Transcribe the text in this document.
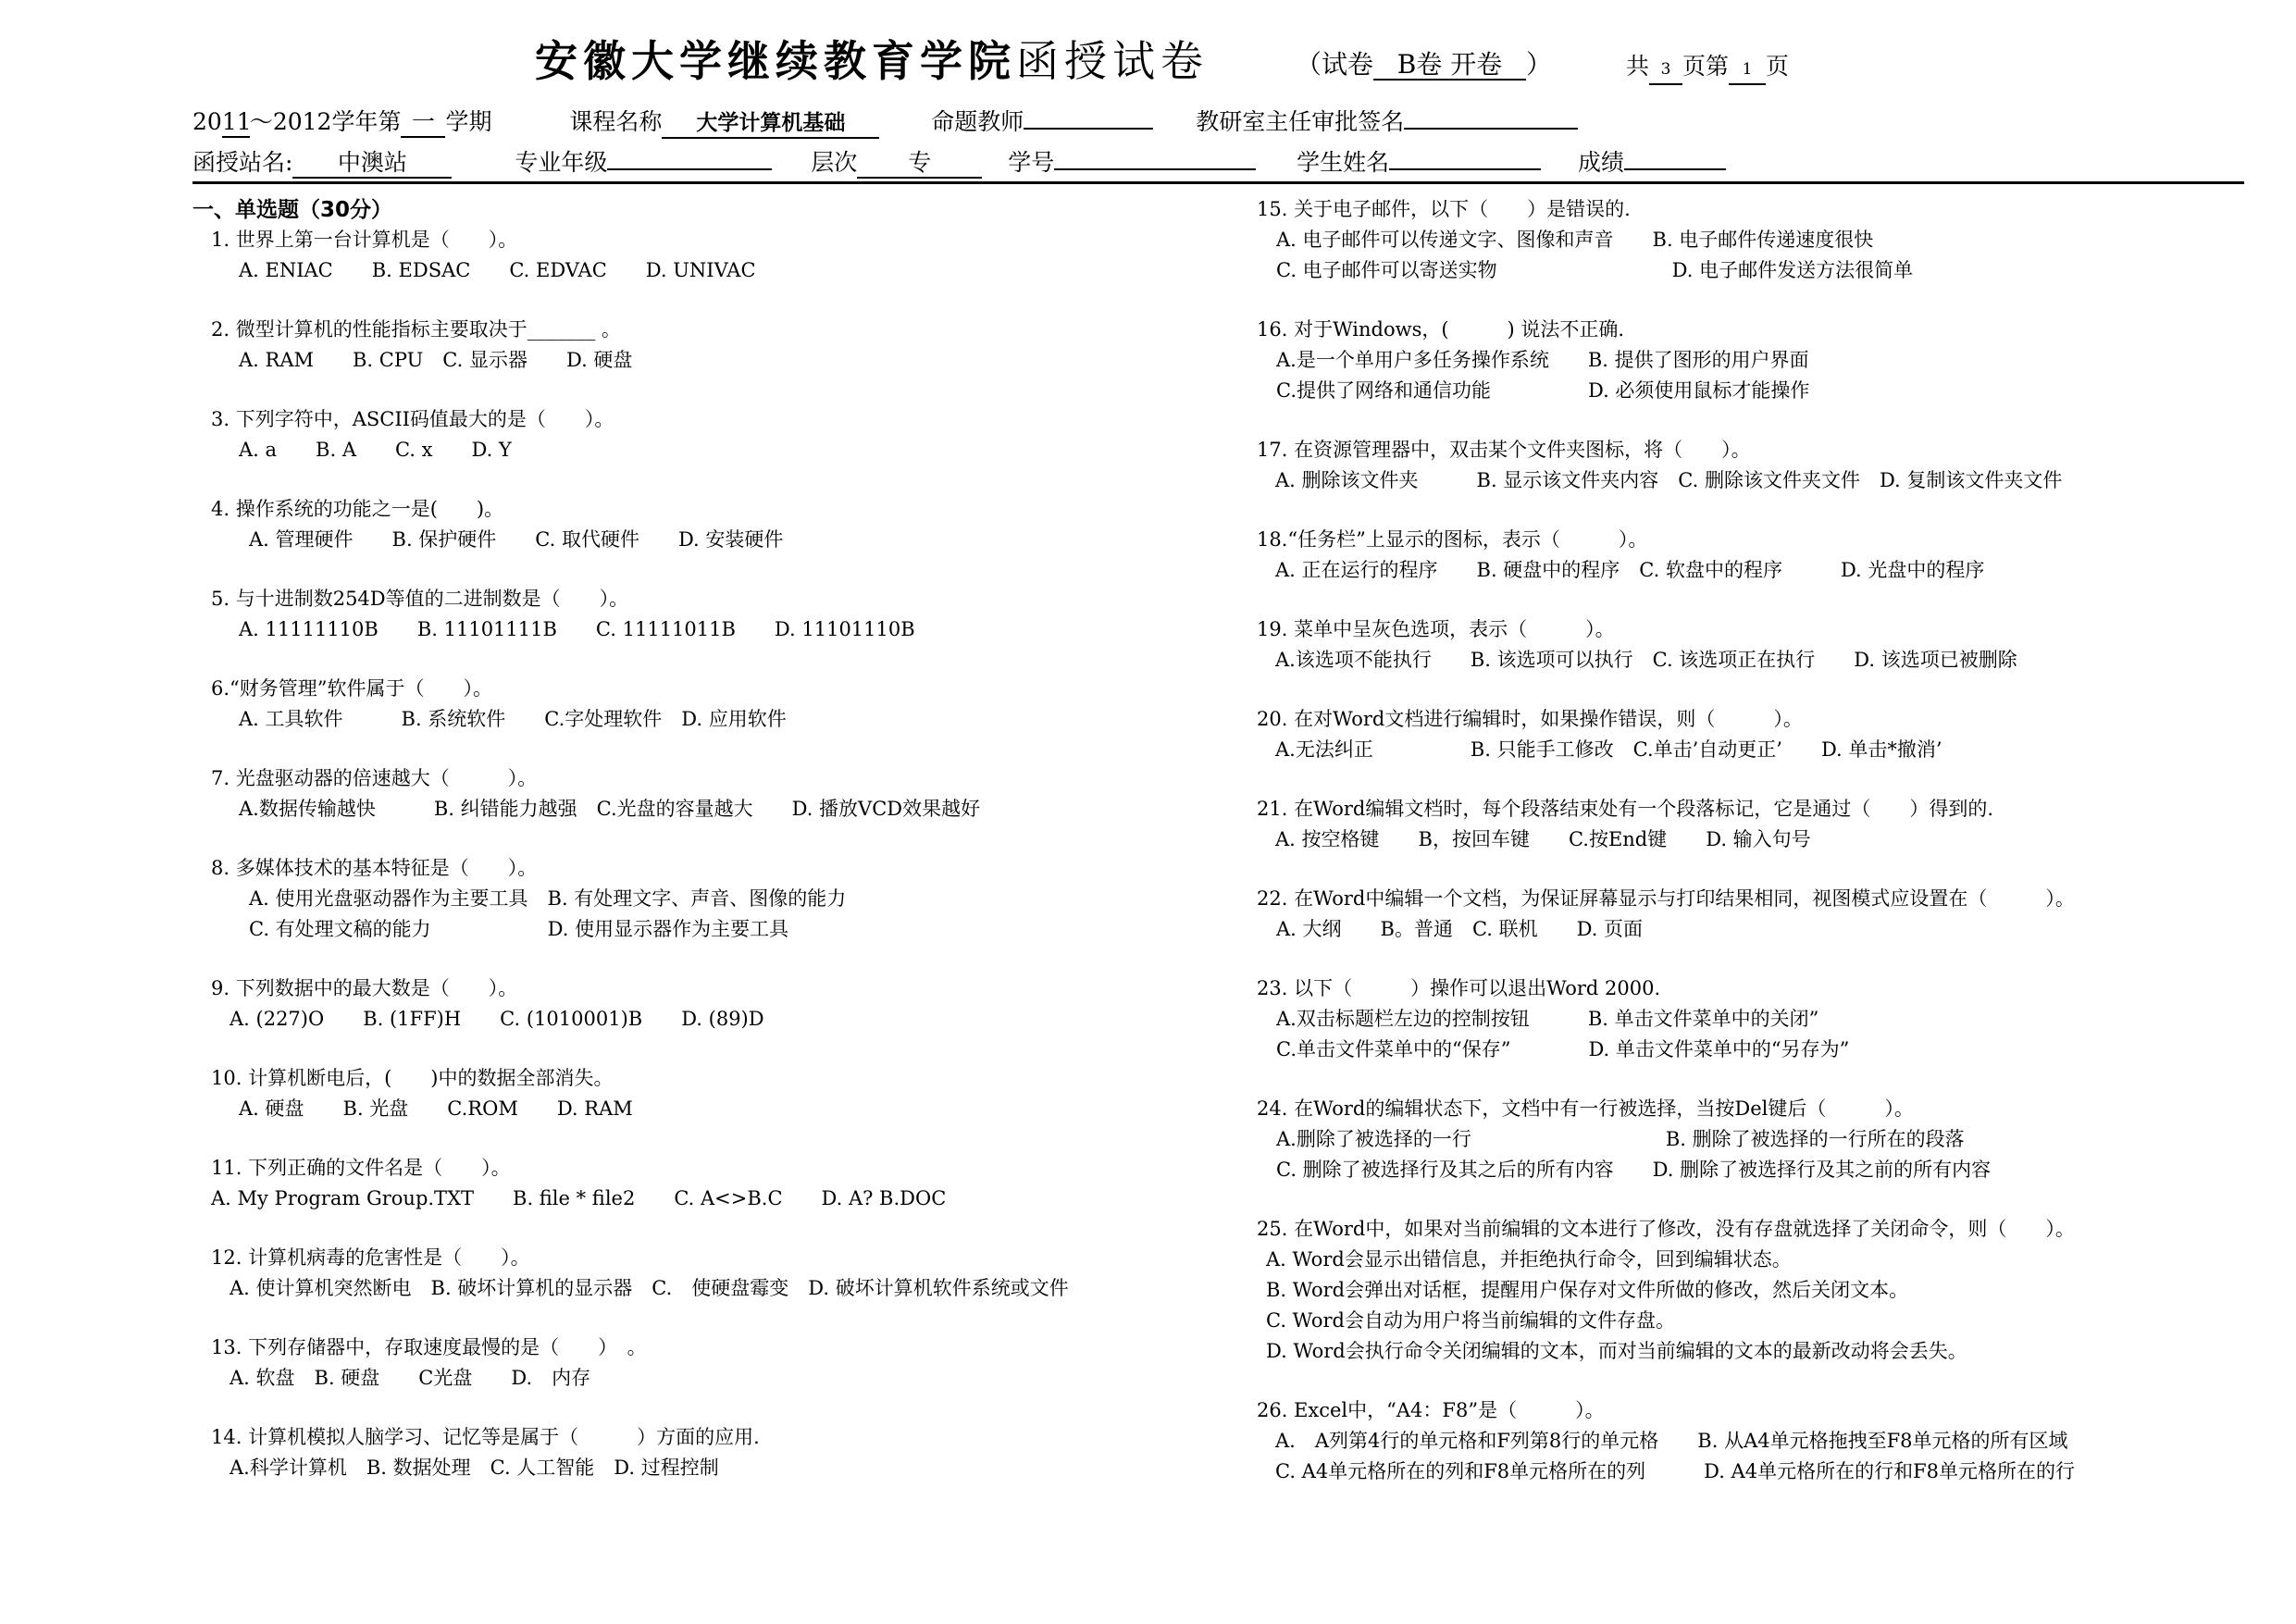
安徽大学继续教育学院函授试卷	（试卷 B卷 开卷 ）	共 3 页第 1 页
2011～2012学年第 一 学期	课程名称 大学计算机基础	命题教师	教研室主任审批签名
函授站名: 中澳站	专业年级	层次 专	学号	学生姓名	成绩
一、单选题（30分）
1. 世界上第一台计算机是（　　）。
A. ENIAC　　B. EDSAC　　C. EDVAC　　D. UNIVAC
2. 微型计算机的性能指标主要取决于_______ 。
A. RAM　　B. CPU　C. 显示器　　D. 硬盘
3. 下列字符中，ASCII码值最大的是（　　）。
A. a　　B. A　　C. x　　D. Y
4. 操作系统的功能之一是(　　)。
　A. 管理硬件　　B. 保护硬件　　C. 取代硬件　　D. 安装硬件
5. 与十进制数254D等值的二进制数是（　　）。
A. 11111110B　　B. 11101111B　　C. 11111011B　　D. 11101110B
6.“财务管理”软件属于（　　）。
A. 工具软件　　　B. 系统软件　　C.字处理软件　D. 应用软件
7. 光盘驱动器的倍速越大（　　　）。
A.数据传输越快　　　B. 纠错能力越强　C.光盘的容量越大　　D. 播放VCD效果越好
8. 多媒体技术的基本特征是（　　）。
　A. 使用光盘驱动器作为主要工具　B. 有处理文字、声音、图像的能力
　C. 有处理文稿的能力　　　　　　D. 使用显示器作为主要工具
9. 下列数据中的最大数是（　　）。
A. (227)O　　B. (1FF)H　　C. (1010001)B　　D. (89)D
10. 计算机断电后，(　　)中的数据全部消失。
A. 硬盘　　B. 光盘　　C.ROM　　D. RAM
11. 下列正确的文件名是（　　）。
A. My Program Group.TXT　　B. file * file2　　C. A<>B.C　　D. A? B.DOC
12. 计算机病毒的危害性是（　　）。
A. 使计算机突然断电　B. 破坏计算机的显示器　C.　使硬盘霉变　D. 破坏计算机软件系统或文件
13. 下列存储器中，存取速度最慢的是（　　）　。
A. 软盘　B. 硬盘　　C光盘　　D.　内存
14. 计算机模拟人脑学习、记忆等是属于（　　　）方面的应用.
A.科学计算机　B. 数据处理　C. 人工智能　D. 过程控制
15. 关于电子邮件，以下（　　）是错误的.
　A. 电子邮件可以传递文字、图像和声音　　B. 电子邮件传递速度很快
　C. 电子邮件可以寄送实物　　　　　　　　　D. 电子邮件发送方法很简单
16. 对于Windows，(　　　) 说法不正确.
　A.是一个单用户多任务操作系统　　B. 提供了图形的用户界面
　C.提供了网络和通信功能　　　　　D. 必须使用鼠标才能操作
17. 在资源管理器中，双击某个文件夹图标，将（　　）。
A. 删除该文件夹　　　B. 显示该文件夹内容　C. 删除该文件夹文件　D. 复制该文件夹文件
18.“任务栏”上显示的图标，表示（　　　）。
A. 正在运行的程序　　B. 硬盘中的程序　C. 软盘中的程序　　　D. 光盘中的程序
19. 菜单中呈灰色选项，表示（　　　）。
A.该选项不能执行　　B. 该选项可以执行　C. 该选项正在执行　　D. 该选项已被删除
20. 在对Word文档进行编辑时，如果操作错误，则（　　　）。
A.无法纠正　　　　　B. 只能手工修改　C.单击’自动更正’　　D. 单击*撤消’
21. 在Word编辑文档时，每个段落结束处有一个段落标记，它是通过（　　）得到的.
A. 按空格键　　B，按回车键　　C.按End键　　D. 输入句号
22. 在Word中编辑一个文档，为保证屏幕显示与打印结果相同，视图模式应设置在（　　　）。
　A. 大纲　　B。普通　C. 联机　　D. 页面
23. 以下（　　　）操作可以退出Word 2000.
　A.双击标题栏左边的控制按钮　　　B. 单击文件菜单中的关闭”
　C.单击文件菜单中的“保存”　　　　D. 单击文件菜单中的“另存为”
24. 在Word的编辑状态下，文档中有一行被选择，当按Del键后（　　　）。
　A.删除了被选择的一行　　　　　　　　　　B. 删除了被选择的一行所在的段落
　C. 删除了被选择行及其之后的所有内容　　D. 删除了被选择行及其之前的所有内容
25. 在Word中，如果对当前编辑的文本进行了修改，没有存盘就选择了关闭命令，则（　　）。
A. Word会显示出错信息，并拒绝执行命令，回到编辑状态。
B. Word会弹出对话框，提醒用户保存对文件所做的修改，然后关闭文本。
C. Word会自动为用户将当前编辑的文件存盘。
D. Word会执行命令关闭编辑的文本，而对当前编辑的文本的最新改动将会丢失。
26. Excel中，“A4：F8”是（　　　）。
A.　A列第4行的单元格和F列第8行的单元格　　B. 从A4单元格拖拽至F8单元格的所有区域
C. A4单元格所在的列和F8单元格所在的列　　　D. A4单元格所在的行和F8单元格所在的行
